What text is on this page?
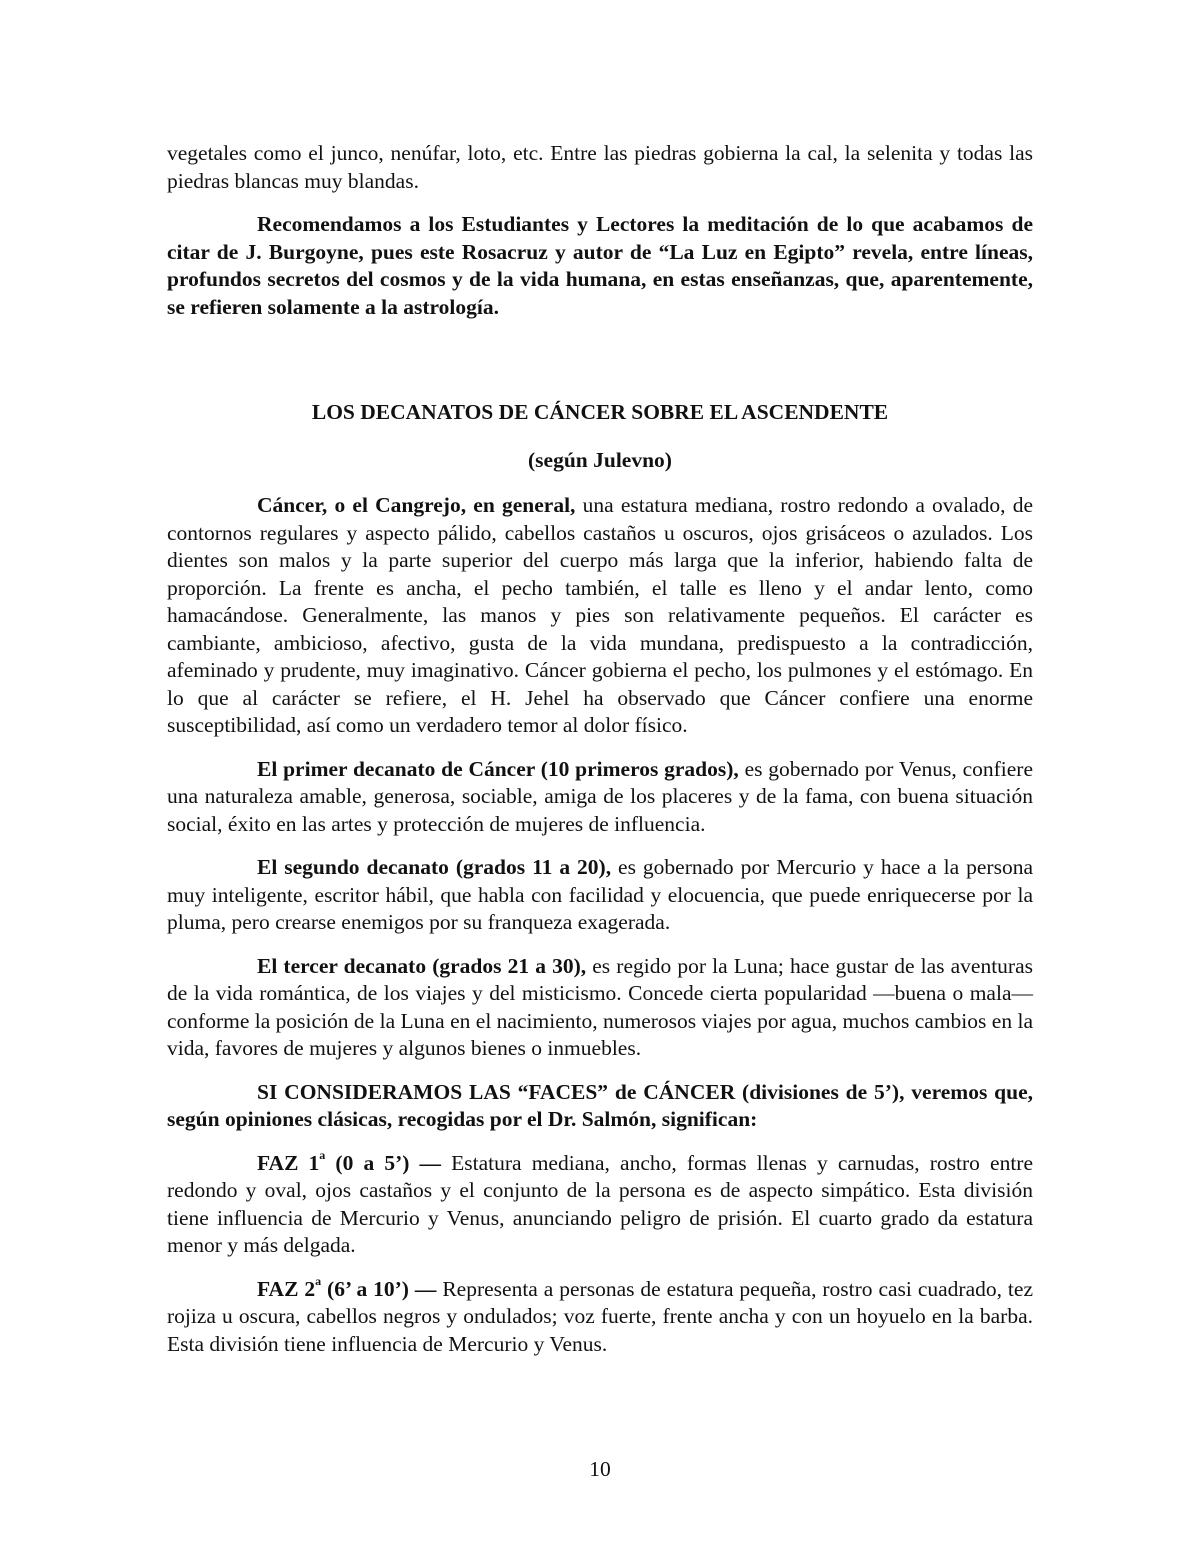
vegetales como el junco, nenúfar, loto, etc. Entre las piedras gobierna la cal, la selenita y todas las piedras blancas muy blandas.

Recomendamos a los Estudiantes y Lectores la meditación de lo que acabamos de citar de J. Burgoyne, pues este Rosacruz y autor de “La Luz en Egipto” revela, entre líneas, profundos secretos del cosmos y de la vida humana, en estas enseñanzas, que, aparentemente, se refieren solamente a la astrología.

LOS DECANATOS DE CÁNCER SOBRE EL ASCENDENTE

(según Julevno)

Cáncer, o el Cangrejo, en general, una estatura mediana, rostro redondo a ovalado, de contornos regulares y aspecto pálido, cabellos castaños u oscuros, ojos grisáceos o azulados. Los dientes son malos y la parte superior del cuerpo más larga que la inferior, habiendo falta de proporción. La frente es ancha, el pecho también, el talle es lleno y el andar lento, como hamacándose. Generalmente, las manos y pies son relativamente pequeños. El carácter es cambiante, ambicioso, afectivo, gusta de la vida mundana, predispuesto a la contradicción, afeminado y prudente, muy imaginativo. Cáncer gobierna el pecho, los pulmones y el estómago. En lo que al carácter se refiere, el H. Jehel ha observado que Cáncer confiere una enorme susceptibilidad, así como un verdadero temor al dolor físico.

El primer decanato de Cáncer (10 primeros grados), es gobernado por Venus, confiere una naturaleza amable, generosa, sociable, amiga de los placeres y de la fama, con buena situación social, éxito en las artes y protección de mujeres de influencia.

El segundo decanato (grados 11 a 20), es gobernado por Mercurio y hace a la persona muy inteligente, escritor hábil, que habla con facilidad y elocuencia, que puede enriquecerse por la pluma, pero crearse enemigos por su franqueza exagerada.

El tercer decanato (grados 21 a 30), es regido por la Luna; hace gustar de las aventuras de la vida romántica, de los viajes y del misticismo. Concede cierta popularidad —buena o mala— conforme la posición de la Luna en el nacimiento, numerosos viajes por agua, muchos cambios en la vida, favores de mujeres y algunos bienes o inmuebles.

SI CONSIDERAMOS LAS “FACES” de CÁNCER (divisiones de 5’), veremos que, según opiniones clásicas, recogidas por el Dr. Salmón, significan:

FAZ 1$^a$ (0 a 5’) — Estatura mediana, ancho, formas llenas y carnudas, rostro entre redondo y oval, ojos castaños y el conjunto de la persona es de aspecto simpático. Esta división tiene influencia de Mercurio y Venus, anunciando peligro de prisión. El cuarto grado da estatura menor y más delgada.

FAZ 2$^a$ (6’ a 10’) — Representa a personas de estatura pequeña, rostro casi cuadrado, tez rojiza u oscura, cabellos negros y ondulados; voz fuerte, frente ancha y con un hoyuelo en la barba. Esta división tiene influencia de Mercurio y Venus.

10
